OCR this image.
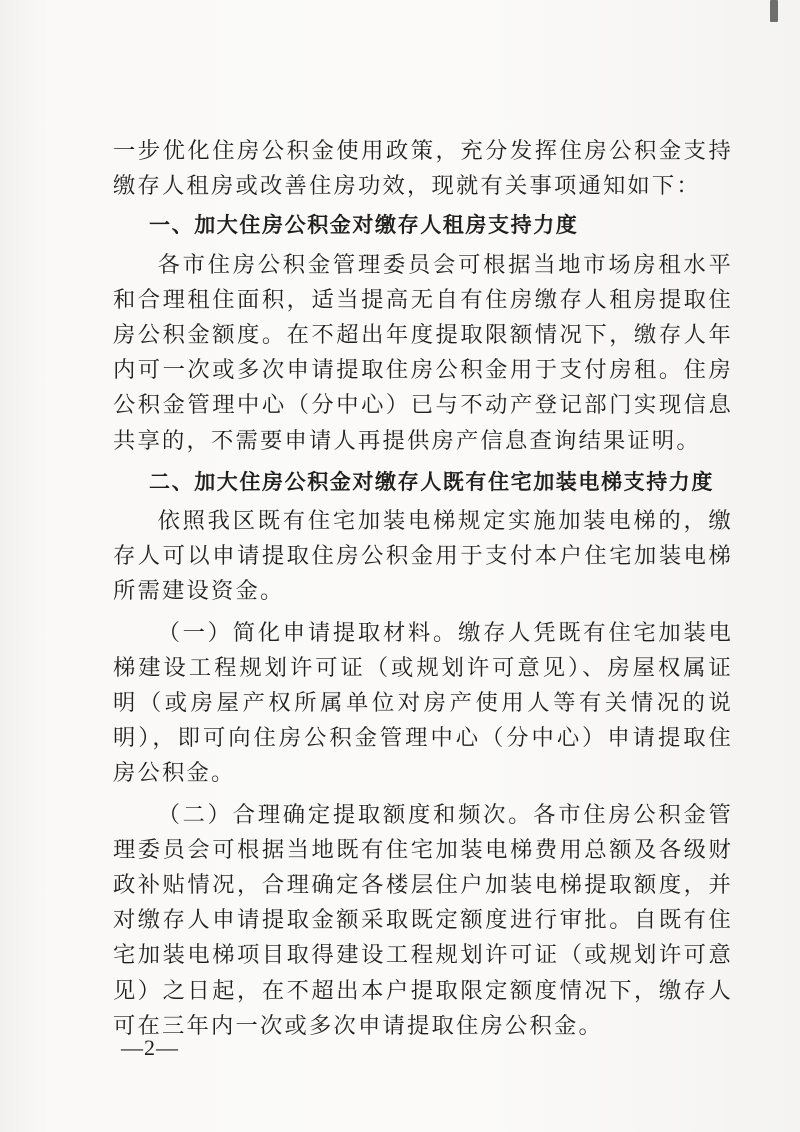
一步优化住房公积金使用政策，充分发挥住房公积金支持缴存人租房或改善住房功效，现就有关事项通知如下：

一、加大住房公积金对缴存人租房支持力度

各市住房公积金管理委员会可根据当地市场房租水平和合理租住面积，适当提高无自有住房缴存人租房提取住房公积金额度。在不超出年度提取限额情况下，缴存人年内可一次或多次申请提取住房公积金用于支付房租。住房公积金管理中心（分中心）已与不动产登记部门实现信息共享的，不需要申请人再提供房产信息查询结果证明。

二、加大住房公积金对缴存人既有住宅加装电梯支持力度

依照我区既有住宅加装电梯规定实施加装电梯的，缴存人可以申请提取住房公积金用于支付本户住宅加装电梯所需建设资金。

（一）简化申请提取材料。缴存人凭既有住宅加装电梯建设工程规划许可证（或规划许可意见）、房屋权属证明（或房屋产权所属单位对房产使用人等有关情况的说明），即可向住房公积金管理中心（分中心）申请提取住房公积金。

（二）合理确定提取额度和频次。各市住房公积金管理委员会可根据当地既有住宅加装电梯费用总额及各级财政补贴情况，合理确定各楼层住户加装电梯提取额度，并对缴存人申请提取金额采取既定额度进行审批。自既有住宅加装电梯项目取得建设工程规划许可证（或规划许可意见）之日起，在不超出本户提取限定额度情况下，缴存人可在三年内一次或多次申请提取住房公积金。

—2—
